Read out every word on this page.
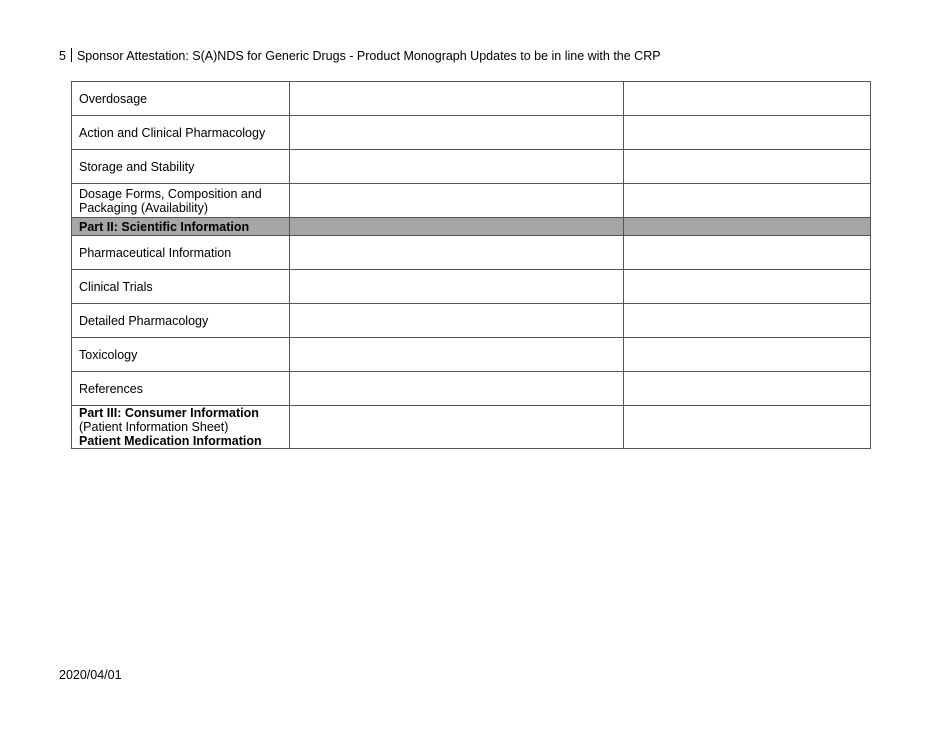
5 Sponsor Attestation: S(A)NDS for Generic Drugs - Product Monograph Updates to be in line with the CRP
Overdosage		
Action and Clinical Pharmacology		
Storage and Stability		
Dosage Forms, Composition and Packaging (Availability)		
Part II: Scientific Information		
Pharmaceutical Information		
Clinical Trials		
Detailed Pharmacology		
Toxicology		
References		

Part III: Consumer Information
(Patient Information Sheet)
Patient Medication Information		

2020/04/01
